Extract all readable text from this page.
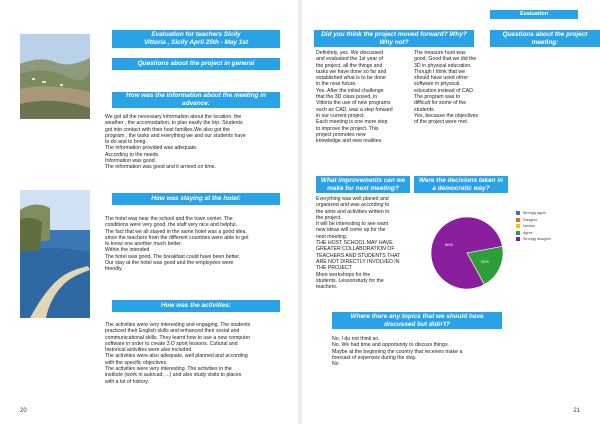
Evaluation for teachers Sicily
Vittoria , Sicily April 25th - May 1st
Questions about the project in general
How was the information about the meeting in advance:
We got all the necessary information about the location, the
weather , the accomodation, to plan easily the trip. Students
got into contact with their host families.We also got the
program , the tasks and everything we and our students have
to do and to bring.
The information provided was adequate.
According to the needs
Information was good.
The information was good and it arrived on time.
How was staying at the hotel:
The hotel was near the school and the town center. The
conditions were very good, the staff very nice and helpful.
The fact that we all stayed in the same hotel was a good idea,
since the teachers from the different countries were able to get
to know one another much better.
Within the intended
The hotel was good. The breakfast could have been better.
Our stay at the hotel was good and the employees were
friendly.
How was the activities:
The activities were very interesting and engaging. The students
practiced their English skills and enhanced their social and
communicational skills. They learnt how to use a new computer
software in order to create 3 D sport lessons. Cultural and
historical activities were also included.
The activities were also adequate, well planned and according
with the specific objectives.
The activities were very interesting. The activities in the
institute (work in autocad, ...) and also study visits to places
with a lot of history.
20
Evaluation
Did you think the project moved forward? Why? Why not?
Questions about the project meeting:
Definitely, yes. We discussed
and evaluated the 1st year of
the project, all the things and
tasks we have done so far and
established what is to be done
in the near future.
Yes. After the initial challenge
that the 3D class posed, in
Vittoria the use of new programs
such as CAD, was a step forward
in our current project.
Each meeting is one more step
to improve the project. This
project promotes new
knowledge and new realities.
The treasure hunt was
good. Good that we did the
3D in physical education.
Though I think that we
should have used other
software in physical
education instead of CAD.
The program was to
difficult for some of the
students.
Yes, because the objectives
of the project were met.
What improvements can we make for next meeting?
Were the decisions taken in a democratic way?
Everything was well planed and
organized and was according to
the aims and activities written in
the project.
It will be interesting to see want
new ideas will come up for the
next meeting.
THE HOST SCHOOL MAY HAVE
GREATER COLLABORATION OF
TEACHERS AND STUDENTS THAT
ARE NOT DIRECTLY INVOLVED IN
THE PROJECT
More workshops for the
students. Lessonstudy for the
teachers.
20%
80%
Strongly agree
Disagree
Neutral
Agree
Strongly disagree
Where there any topics that we should have discussed but didn't?
No, I do not think so.
No. We had time and opportunity to discuss things.
Maybe at the beginning the country that receives make a
forecast of expenses during the stay.
No
21
